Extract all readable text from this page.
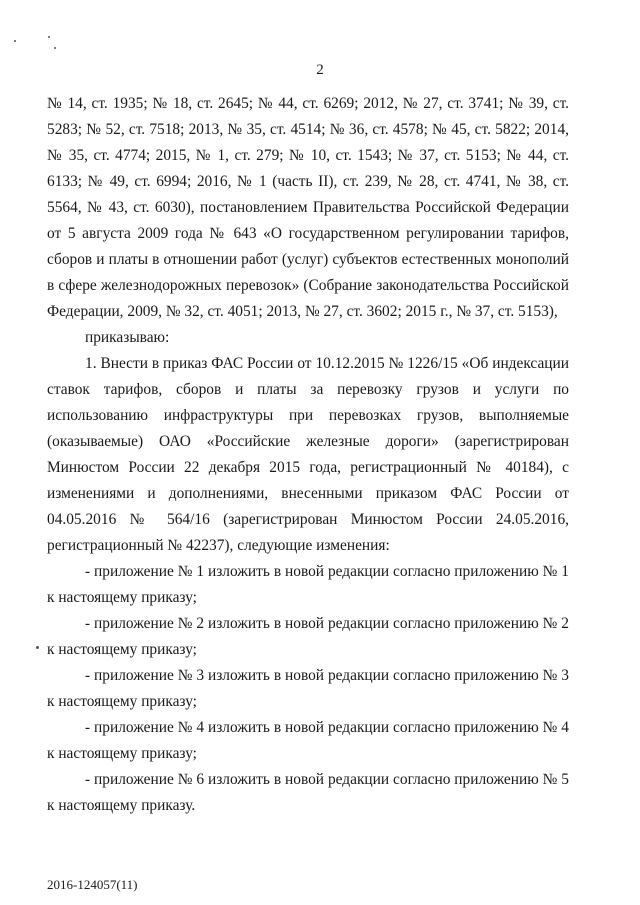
2

№ 14, ст. 1935; № 18, ст. 2645; № 44, ст. 6269; 2012, № 27, ст. 3741; № 39, ст. 5283; № 52, ст. 7518; 2013, № 35, ст. 4514; № 36, ст. 4578; № 45, ст. 5822; 2014, № 35, ст. 4774; 2015, № 1, ст. 279; № 10, ст. 1543; № 37, ст. 5153; № 44, ст. 6133; № 49, ст. 6994; 2016, № 1 (часть II), ст. 239, № 28, ст. 4741, № 38, ст. 5564, № 43, ст. 6030), постановлением Правительства Российской Федерации от 5 августа 2009 года № 643 «О государственном регулировании тарифов, сборов и платы в отношении работ (услуг) субъектов естественных монополий в сфере железнодорожных перевозок» (Собрание законодательства Российской Федерации, 2009, № 32, ст. 4051; 2013, № 27, ст. 3602; 2015 г., № 37, ст. 5153),

приказываю:

1. Внести в приказ ФАС России от 10.12.2015 № 1226/15 «Об индексации ставок тарифов, сборов и платы за перевозку грузов и услуги по использованию инфраструктуры при перевозках грузов, выполняемые (оказываемые) ОАО «Российские железные дороги» (зарегистрирован Минюстом России 22 декабря 2015 года, регистрационный № 40184), с изменениями и дополнениями, внесенными приказом ФАС России от 04.05.2016 № 564/16 (зарегистрирован Минюстом России 24.05.2016, регистрационный № 42237), следующие изменения:

- приложение № 1 изложить в новой редакции согласно приложению № 1 к настоящему приказу;

- приложение № 2 изложить в новой редакции согласно приложению № 2 к настоящему приказу;

- приложение № 3 изложить в новой редакции согласно приложению № 3 к настоящему приказу;

- приложение № 4 изложить в новой редакции согласно приложению № 4 к настоящему приказу;

- приложение № 6 изложить в новой редакции согласно приложению № 5 к настоящему приказу.

2016-124057(11)
